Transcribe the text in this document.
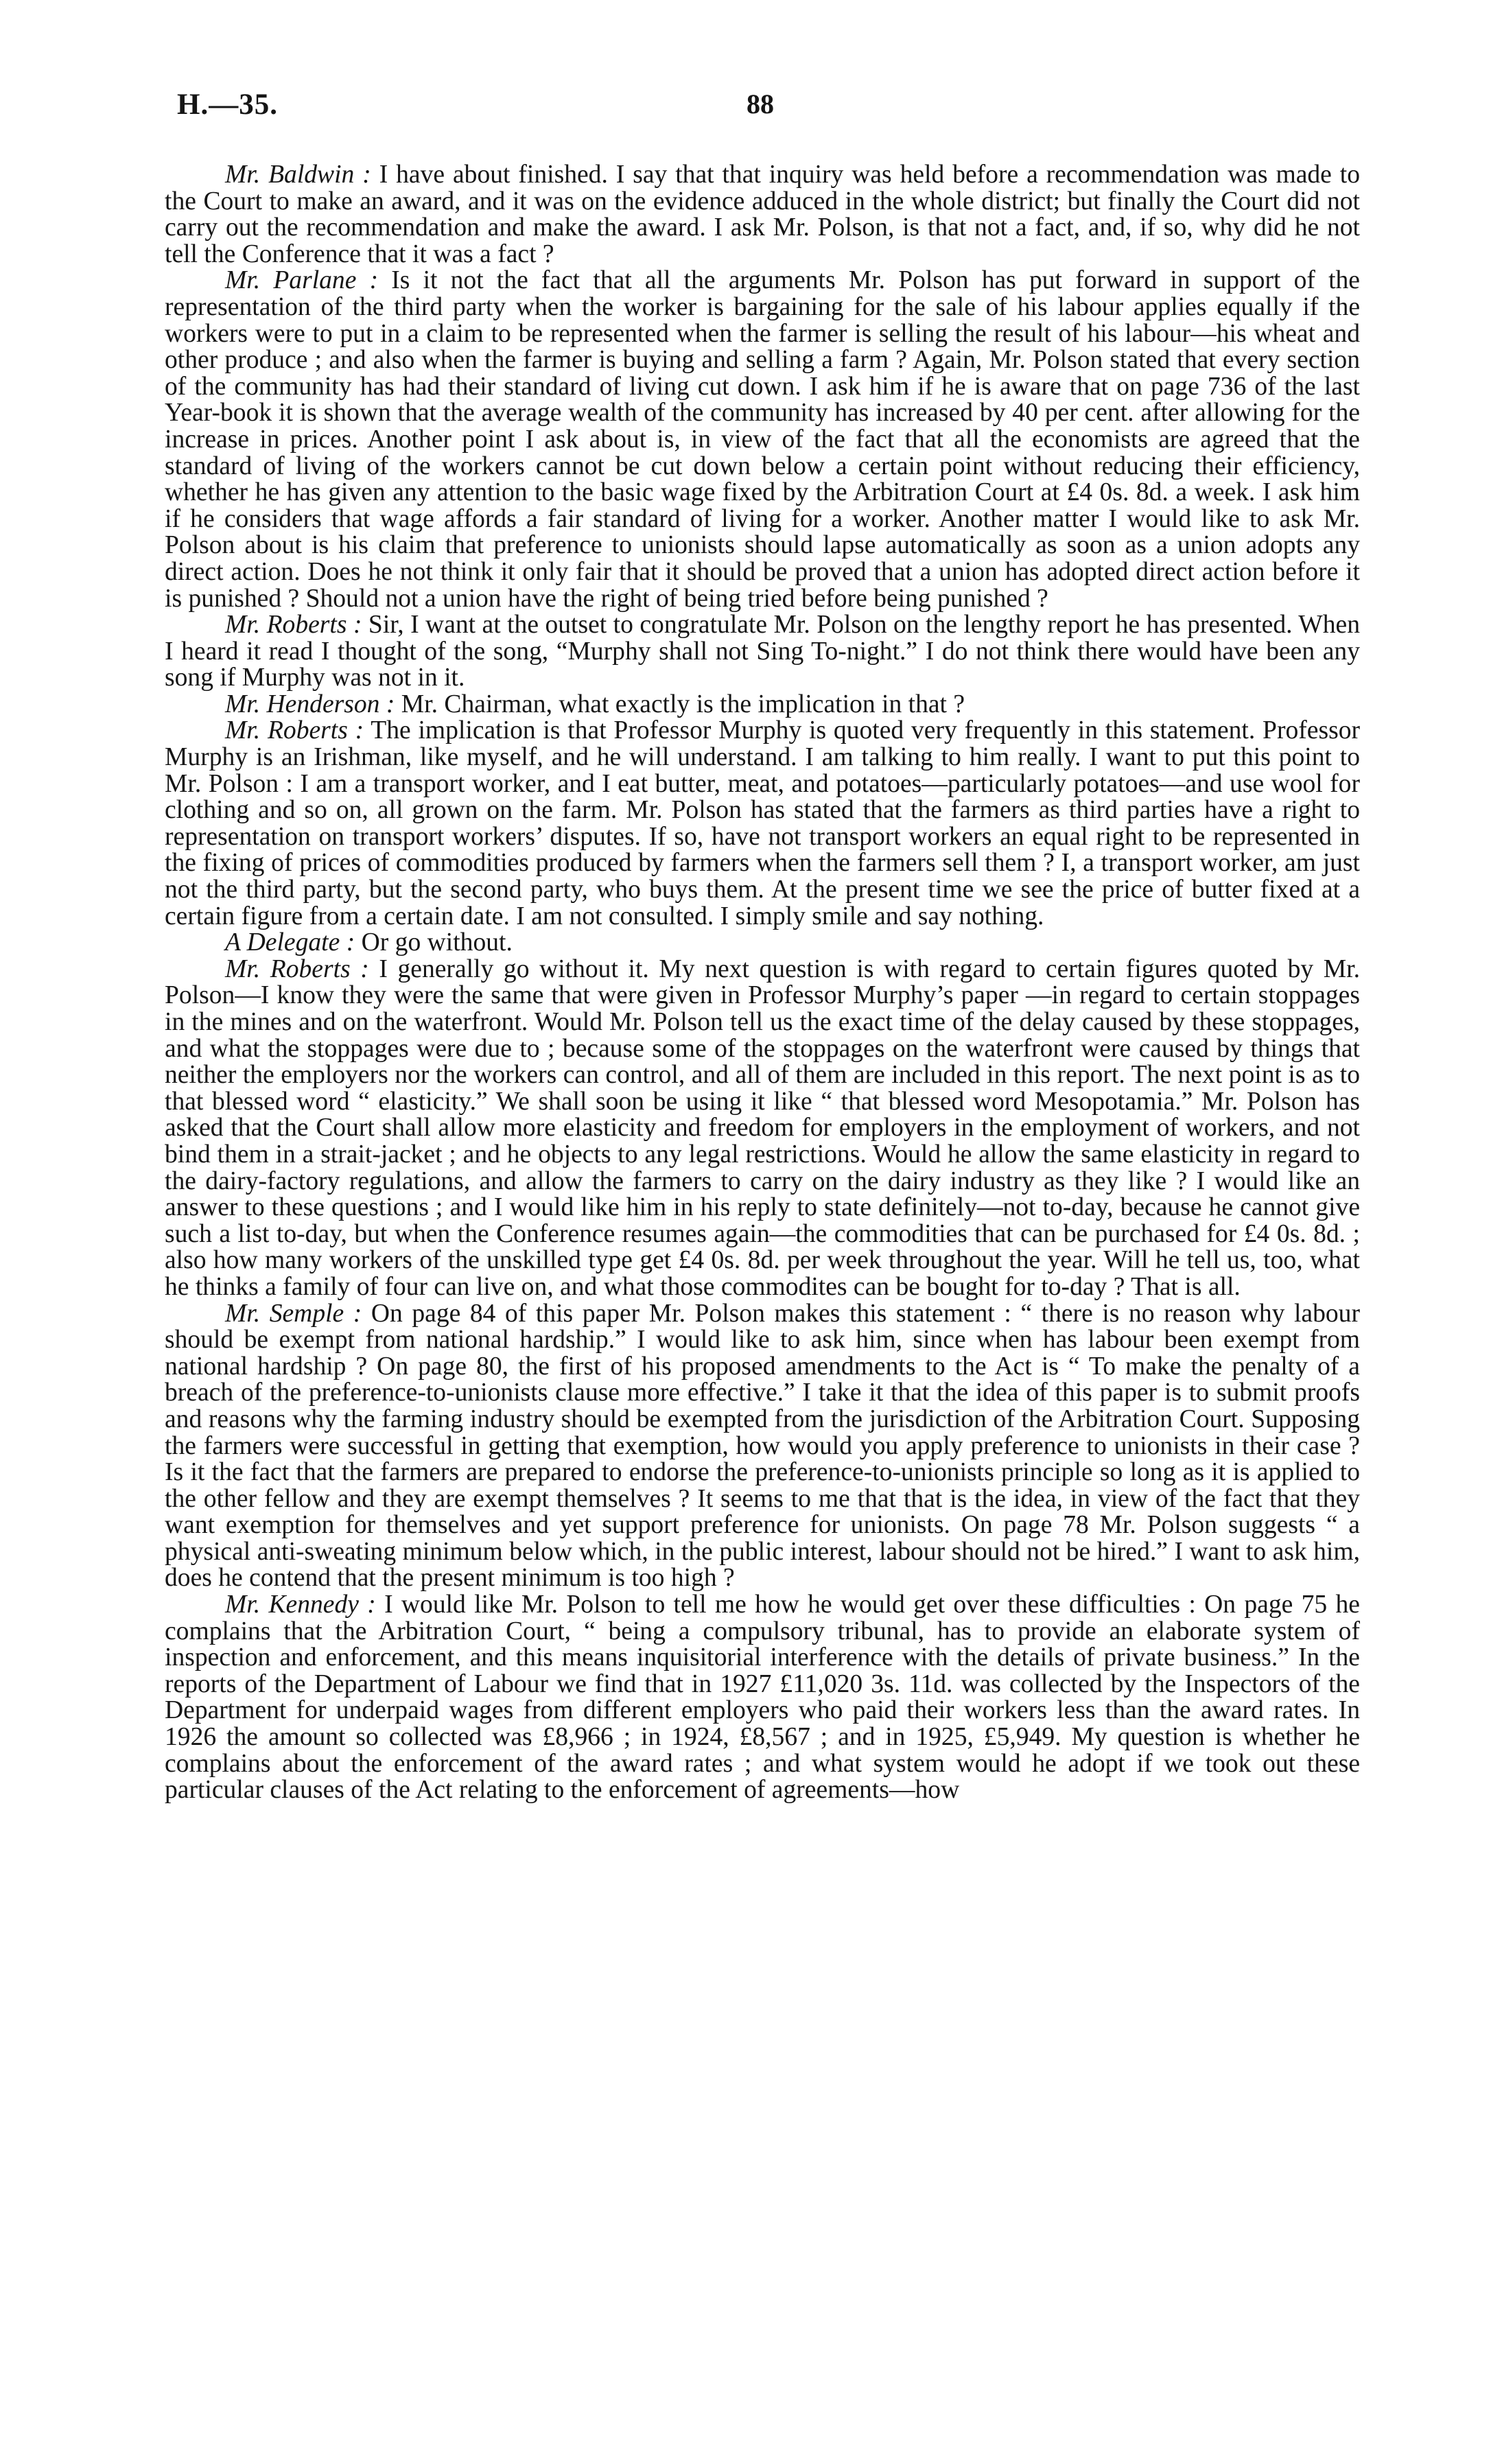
H.—35.	88

Mr. Baldwin : I have about finished. I say that that inquiry was held before a recommendation was made to the Court to make an award, and it was on the evidence adduced in the whole district; but finally the Court did not carry out the recommendation and make the award. I ask Mr. Polson, is that not a fact, and, if so, why did he not tell the Conference that it was a fact ?

Mr. Parlane : Is it not the fact that all the arguments Mr. Polson has put forward in support of the representation of the third party when the worker is bargaining for the sale of his labour applies equally if the workers were to put in a claim to be represented when the farmer is selling the result of his labour—his wheat and other produce ; and also when the farmer is buying and selling a farm ? Again, Mr. Polson stated that every section of the community has had their standard of living cut down. I ask him if he is aware that on page 736 of the last Year-book it is shown that the average wealth of the community has increased by 40 per cent. after allowing for the increase in prices. Another point I ask about is, in view of the fact that all the economists are agreed that the standard of living of the workers cannot be cut down below a certain point without reducing their efficiency, whether he has given any attention to the basic wage fixed by the Arbitration Court at £4 0s. 8d. a week. I ask him if he considers that wage affords a fair standard of living for a worker. Another matter I would like to ask Mr. Polson about is his claim that preference to unionists should lapse automatically as soon as a union adopts any direct action. Does he not think it only fair that it should be proved that a union has adopted direct action before it is punished ? Should not a union have the right of being tried before being punished ?

Mr. Roberts : Sir, I want at the outset to congratulate Mr. Polson on the lengthy report he has presented. When I heard it read I thought of the song, “Murphy shall not Sing To-night.” I do not think there would have been any song if Murphy was not in it.

Mr. Henderson : Mr. Chairman, what exactly is the implication in that ?

Mr. Roberts : The implication is that Professor Murphy is quoted very frequently in this statement. Professor Murphy is an Irishman, like myself, and he will understand. I am talking to him really. I want to put this point to Mr. Polson : I am a transport worker, and I eat butter, meat, and potatoes—particularly potatoes—and use wool for clothing and so on, all grown on the farm. Mr. Polson has stated that the farmers as third parties have a right to representation on transport workers’ disputes. If so, have not transport workers an equal right to be represented in the fixing of prices of commodities produced by farmers when the farmers sell them ? I, a transport worker, am just not the third party, but the second party, who buys them. At the present time we see the price of butter fixed at a certain figure from a certain date. I am not consulted. I simply smile and say nothing.

A Delegate : Or go without.

Mr. Roberts : I generally go without it. My next question is with regard to certain figures quoted by Mr. Polson—I know they were the same that were given in Professor Murphy’s paper —in regard to certain stoppages in the mines and on the waterfront. Would Mr. Polson tell us the exact time of the delay caused by these stoppages, and what the stoppages were due to ; because some of the stoppages on the waterfront were caused by things that neither the employers nor the workers can control, and all of them are included in this report. The next point is as to that blessed word “ elasticity.” We shall soon be using it like “ that blessed word Mesopotamia.” Mr. Polson has asked that the Court shall allow more elasticity and freedom for employers in the employment of workers, and not bind them in a strait-jacket ; and he objects to any legal restrictions. Would he allow the same elasticity in regard to the dairy-factory regulations, and allow the farmers to carry on the dairy industry as they like ? I would like an answer to these questions ; and I would like him in his reply to state definitely—not to-day, because he cannot give such a list to-day, but when the Conference resumes again—the commodities that can be purchased for £4 0s. 8d. ; also how many workers of the unskilled type get £4 0s. 8d. per week throughout the year. Will he tell us, too, what he thinks a family of four can live on, and what those commodites can be bought for to-day ? That is all.

Mr. Semple : On page 84 of this paper Mr. Polson makes this statement : “ there is no reason why labour should be exempt from national hardship.” I would like to ask him, since when has labour been exempt from national hardship ? On page 80, the first of his proposed amendments to the Act is “ To make the penalty of a breach of the preference-to-unionists clause more effective.” I take it that the idea of this paper is to submit proofs and reasons why the farming industry should be exempted from the jurisdiction of the Arbitration Court. Supposing the farmers were successful in getting that exemption, how would you apply preference to unionists in their case ? Is it the fact that the farmers are prepared to endorse the preference-to-unionists principle so long as it is applied to the other fellow and they are exempt themselves ? It seems to me that that is the idea, in view of the fact that they want exemption for themselves and yet support preference for unionists. On page 78 Mr. Polson suggests “ a physical anti-sweating minimum below which, in the public interest, labour should not be hired.” I want to ask him, does he contend that the present minimum is too high ?

Mr. Kennedy : I would like Mr. Polson to tell me how he would get over these difficulties : On page 75 he complains that the Arbitration Court, “ being a compulsory tribunal, has to provide an elaborate system of inspection and enforcement, and this means inquisitorial interference with the details of private business.” In the reports of the Department of Labour we find that in 1927 £11,020 3s. 11d. was collected by the Inspectors of the Department for underpaid wages from different employers who paid their workers less than the award rates. In 1926 the amount so collected was £8,966 ; in 1924, £8,567 ; and in 1925, £5,949. My question is whether he complains about the enforcement of the award rates ; and what system would he adopt if we took out these particular clauses of the Act relating to the enforcement of agreements—how
